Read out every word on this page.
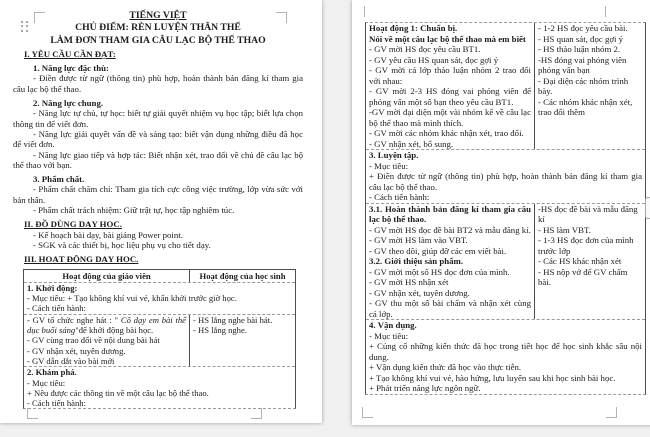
TIẾNG VIỆT

CHỦ ĐIỂM: RÈN LUYỆN THÂN THỂ

LÀM ĐƠN THAM GIA CÂU LẠC BỘ THỂ THAO

I. YÊU CẦU CẦN ĐẠT:

1. Năng lực đặc thù:

- Điền được từ ngữ (thông tin) phù hợp, hoàn thành bản đăng kí tham gia câu lạc bộ thể thao.

2. Năng lực chung.

- Năng lực tự chủ, tự học: biết tự giải quyết nhiệm vụ học tập; biết lựa chọn thông tin để viết đơn.

- Năng lực giải quyết vấn đề và sáng tạo: biết vận dụng những điều đã học để viết đơn.

- Năng lực giao tiếp và hợp tác: Biết nhận xét, trao đổi về chủ đề câu lạc bộ thể thao với bạn.

3. Phẩm chất.

- Phẩm chất chăm chỉ: Tham gia tích cực công việc trường, lớp vừa sức với bản thân.

- Phẩm chất trách nhiệm: Giữ trật tự, học tập nghiêm túc.

II. ĐỒ DÙNG DẠY HỌC.

- Kế hoạch bài dạy, bài giảng Power point.

- SGK và các thiết bị, học liệu phụ vụ cho tiết dạy.

III. HOẠT ĐỘNG DẠY HỌC.

Hoạt động của giáo viên	Hoạt động của học sinh
1. Khởi động:
- Mục tiêu: + Tạo không khí vui vẻ, khấn khởi trước giờ học.
- Cách tiến hành:

- GV tổ chức nghe hát : " Cô dạy em bài thể dục buổi sáng"để khởi động bài học.

- GV cùng trao đổi về nội dung bài hát

- GV nhận xét, tuyên dương.

- GV dẫn dắt vào bài mới

- HS lắng nghe bài hát.

- HS lắng nghe.

2. Khám phá.
- Mục tiêu:
+ Nêu được các thông tin về một câu lạc bộ thể thao.
- Cách tiến hành:

Hoạt động 1: Chuẩn bị.

Nói về một câu lạc bộ thể thao mà em biết

- GV mời HS đọc yêu cầu BT1.

- GV yêu cầu HS quan sát, đọc gợi ý

- GV mời cả lớp thảo luận nhóm 2 trao đổi với nhau:

- GV mời 2-3 HS đóng vai phóng viên để phỏng vấn một số bạn theo yêu cầu BT1.

-GV mời đại diện một vài nhóm kể về câu lạc bộ thể thao mà mình thích.

- GV mời các nhóm khác nhận xét, trao đổi.

- GV nhận xét, bổ sung.

- 1-2 HS đọc yêu cầu bài.

- HS quan sát, đọc gợi ý

- HS thảo luận nhóm 2.

-HS đóng vai phóng viên phỏng vấn bạn

- Đại diện các nhóm trình bày.

- Các nhóm khác nhận xét, trao đổi thêm

3. Luyện tập.

- Mục tiêu:

+ Điền được từ ngữ (thông tin) phù hợp, hoàn thành bản đăng kí tham gia câu lạc bộ thể thao.

- Cách tiến hành:

3.1. Hoàn thành bản đăng kí tham gia câu lạc bộ thể thao.

- GV mời HS đọc đề bài BT2 và mẫu đăng kí.

- GV mời HS làm vào VBT.

- GV theo dõi, giúp đỡ các em viết bài.

3.2. Giới thiệu sản phẩm.

- GV mời một số HS đọc đơn của mình.

- GV mời HS nhận xét

- GV nhận xét, tuyên dương.

- GV thu một số bài chấm và nhận xét cùng cả lớp.

-HS đọc đề bài và mẫu đăng kí

- HS làm VBT.

- 1-3 HS đọc đơn của mình trước lớp

- Các HS khác nhận xét

- HS nộp vở để GV chấm bài.

4. Vận dụng.

- Mục tiêu:

+ Củng cố những kiến thức đã học trong tiết học để học sinh khắc sâu nội dung.

+ Vận dụng kiến thức đã học vào thực tiễn.

+ Tạo không khí vui vẻ, hào hứng, lưu luyến sau khi học sinh bài học.

+ Phát triển năng lực ngôn ngữ.
